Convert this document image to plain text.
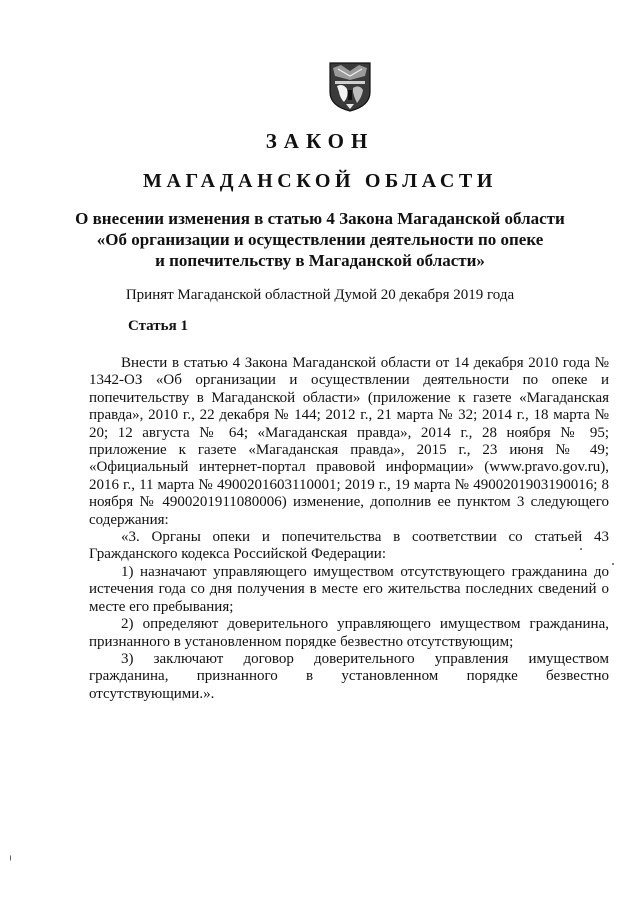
ЗАКОН
МАГАДАНСКОЙ ОБЛАСТИ
О внесении изменения в статью 4 Закона Магаданской области
«Об организации и осуществлении деятельности по опеке
и попечительству в Магаданской области»
Принят Магаданской областной Думой 20 декабря 2019 года
Статья 1

Внести в статью 4 Закона Магаданской области от 14 декабря 2010 года № 1342-ОЗ «Об организации и осуществлении деятельности по опеке и попечительству в Магаданской области» (приложение к газете «Магаданская правда», 2010 г., 22 декабря № 144; 2012 г., 21 марта № 32; 2014 г., 18 марта № 20; 12 августа № 64; «Магаданская правда», 2014 г., 28 ноября № 95; приложение к газете «Магаданская правда», 2015 г., 23 июня № 49; «Официальный интернет-портал правовой информации» (www.pravo.gov.ru), 2016 г., 11 марта № 4900201603110001; 2019 г., 19 марта № 4900201903190016; 8 ноября № 4900201911080006) изменение, дополнив ее пунктом 3 следующего содержания:

«3. Органы опеки и попечительства в соответствии со статьей 43 Гражданского кодекса Российской Федерации:

1) назначают управляющего имуществом отсутствующего гражданина до истечения года со дня получения в месте его жительства последних сведений о месте его пребывания;

2) определяют доверительного управляющего имуществом гражданина, признанного в установленном порядке безвестно отсутствующим;

3) заключают договор доверительного управления имуществом гражданина, признанного в установленном порядке безвестно отсутствующими.».
